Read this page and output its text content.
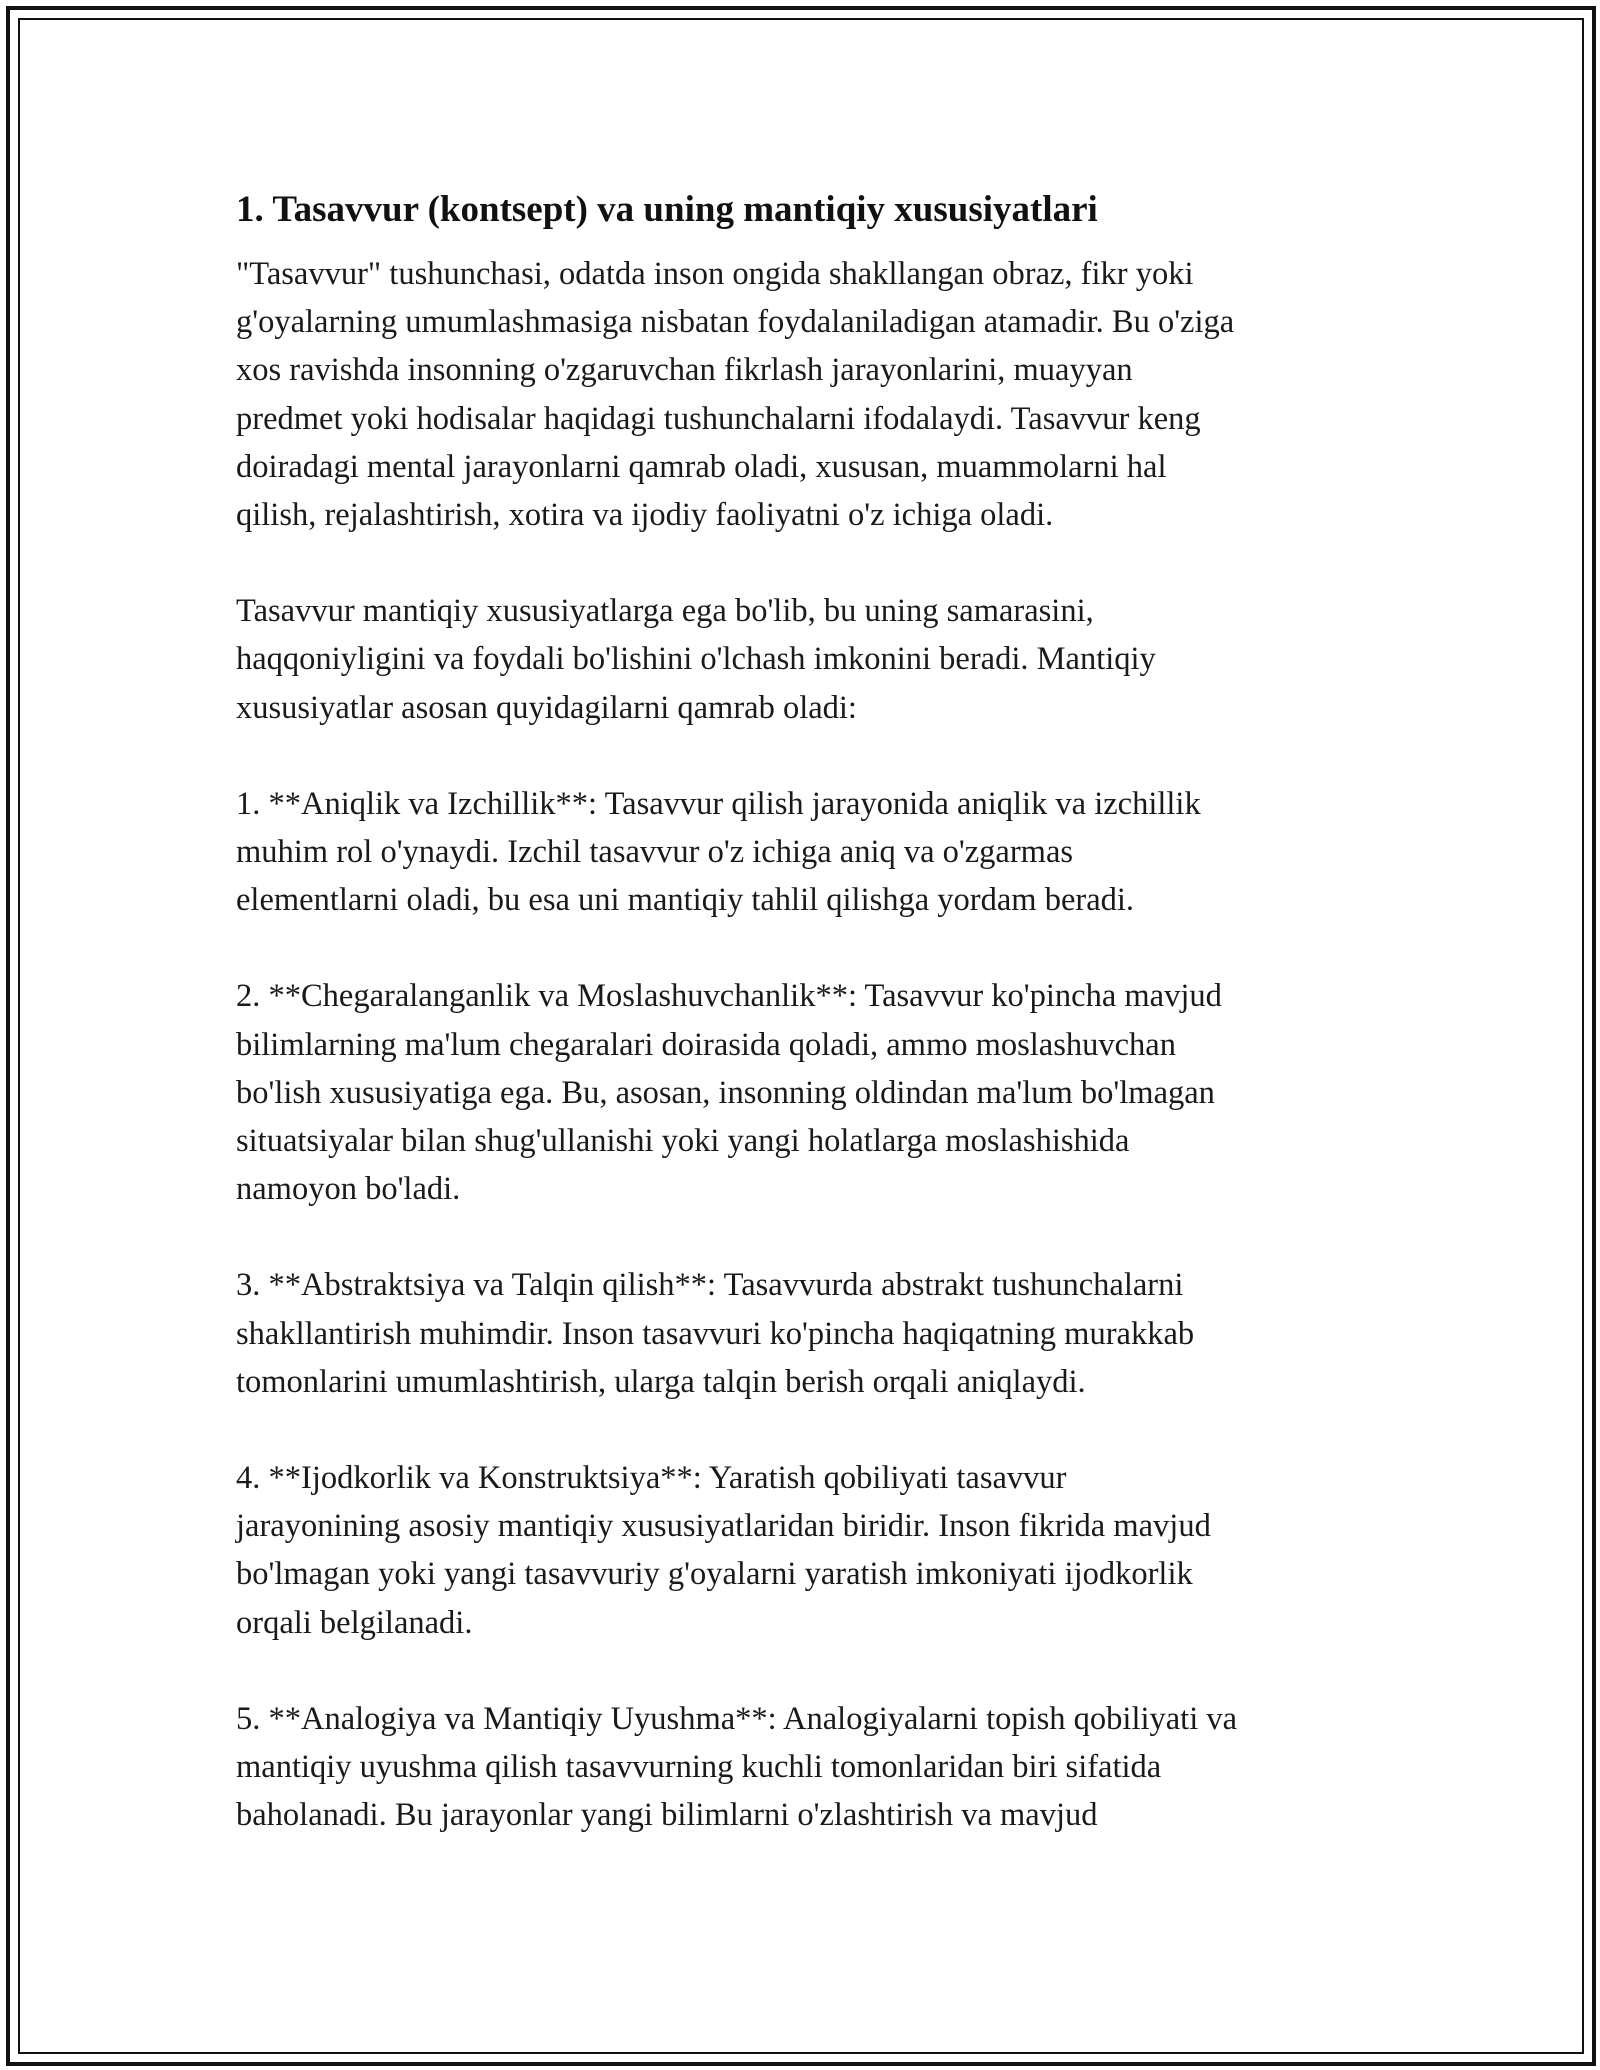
1. Tasavvur (kontsept) va uning mantiqiy xususiyatlari

"Tasavvur" tushunchasi, odatda inson ongida shakllangan obraz, fikr yoki
g'oyalarning umumlashmasiga nisbatan foydalaniladigan atamadir. Bu o'ziga
xos ravishda insonning o'zgaruvchan fikrlash jarayonlarini, muayyan
predmet yoki hodisalar haqidagi tushunchalarni ifodalaydi. Tasavvur keng
doiradagi mental jarayonlarni qamrab oladi, xususan, muammolarni hal
qilish, rejalashtirish, xotira va ijodiy faoliyatni o'z ichiga oladi.

Tasavvur mantiqiy xususiyatlarga ega bo'lib, bu uning samarasini,
haqqoniyligini va foydali bo'lishini o'lchash imkonini beradi. Mantiqiy
xususiyatlar asosan quyidagilarni qamrab oladi:

1. **Aniqlik va Izchillik**: Tasavvur qilish jarayonida aniqlik va izchillik
muhim rol o'ynaydi. Izchil tasavvur o'z ichiga aniq va o'zgarmas
elementlarni oladi, bu esa uni mantiqiy tahlil qilishga yordam beradi.

2. **Chegaralanganlik va Moslashuvchanlik**: Tasavvur ko'pincha mavjud
bilimlarning ma'lum chegaralari doirasida qoladi, ammo moslashuvchan
bo'lish xususiyatiga ega. Bu, asosan, insonning oldindan ma'lum bo'lmagan
situatsiyalar bilan shug'ullanishi yoki yangi holatlarga moslashishida
namoyon bo'ladi.

3. **Abstraktsiya va Talqin qilish**: Tasavvurda abstrakt tushunchalarni
shakllantirish muhimdir. Inson tasavvuri ko'pincha haqiqatning murakkab
tomonlarini umumlashtirish, ularga talqin berish orqali aniqlaydi.

4. **Ijodkorlik va Konstruktsiya**: Yaratish qobiliyati tasavvur
jarayonining asosiy mantiqiy xususiyatlaridan biridir. Inson fikrida mavjud
bo'lmagan yoki yangi tasavvuriy g'oyalarni yaratish imkoniyati ijodkorlik
orqali belgilanadi.

5. **Analogiya va Mantiqiy Uyushma**: Analogiyalarni topish qobiliyati va
mantiqiy uyushma qilish tasavvurning kuchli tomonlaridan biri sifatida
baholanadi. Bu jarayonlar yangi bilimlarni o'zlashtirish va mavjud
